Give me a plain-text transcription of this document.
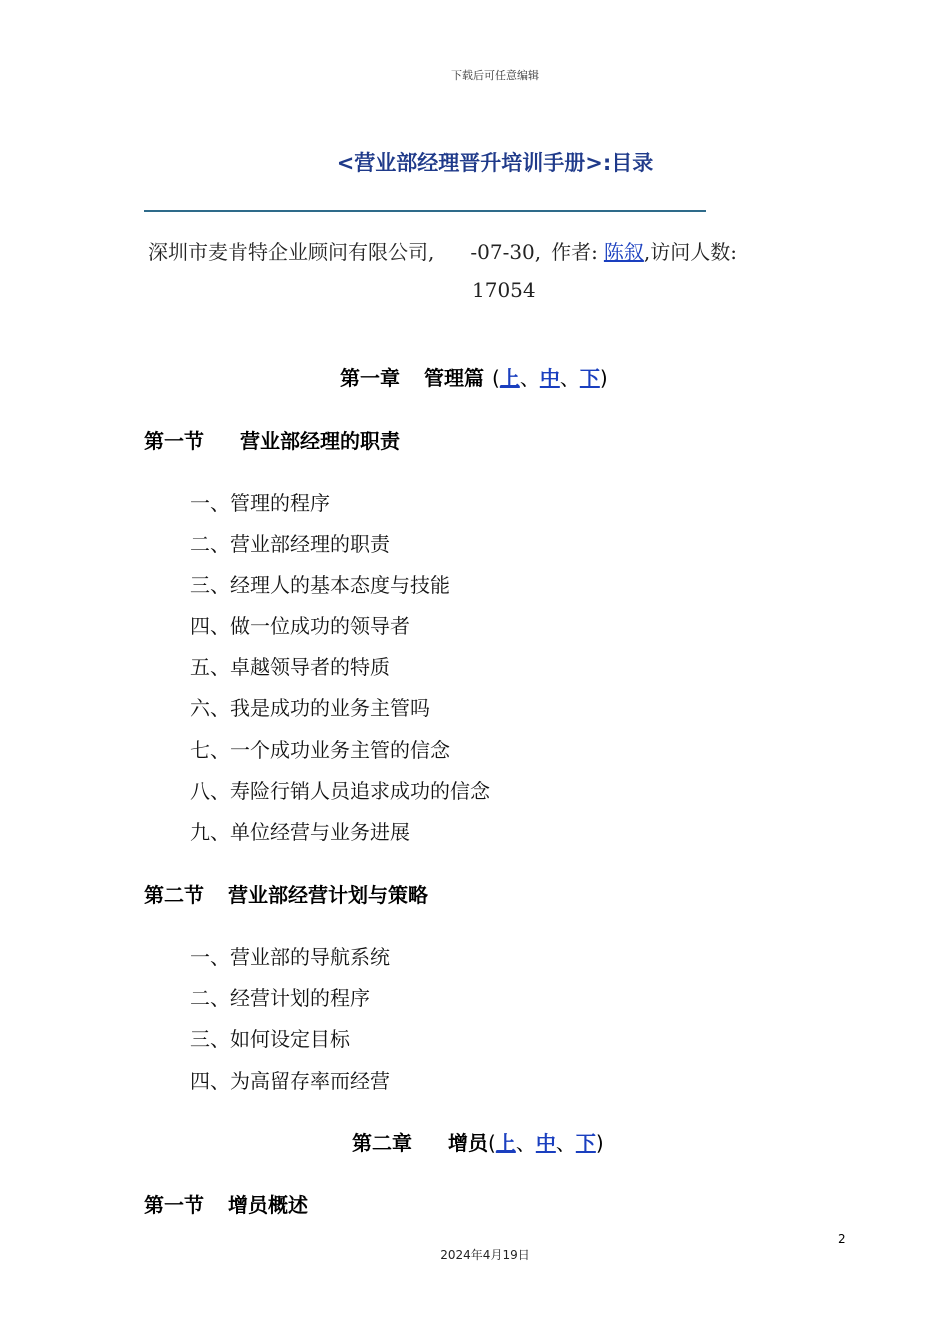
下载后可任意编辑
<营业部经理晋升培训手册>:目录
深圳市麦肯特企业顾问有限公司, -07-30, 作者: 陈叙,访问人数:
17054
第一章 管理篇 (上、中、下)
第一节 营业部经理的职责
一、管理的程序
二、营业部经理的职责
三、经理人的基本态度与技能
四、做一位成功的领导者
五、卓越领导者的特质
六、我是成功的业务主管吗
七、一个成功业务主管的信念
八、寿险行销人员追求成功的信念
九、单位经营与业务进展
第二节 营业部经营计划与策略
一、营业部的导航系统
二、经营计划的程序
三、如何设定目标
四、为高留存率而经营
第二章 增员(上、中、下)
第一节 增员概述
2
2024年4月19日
